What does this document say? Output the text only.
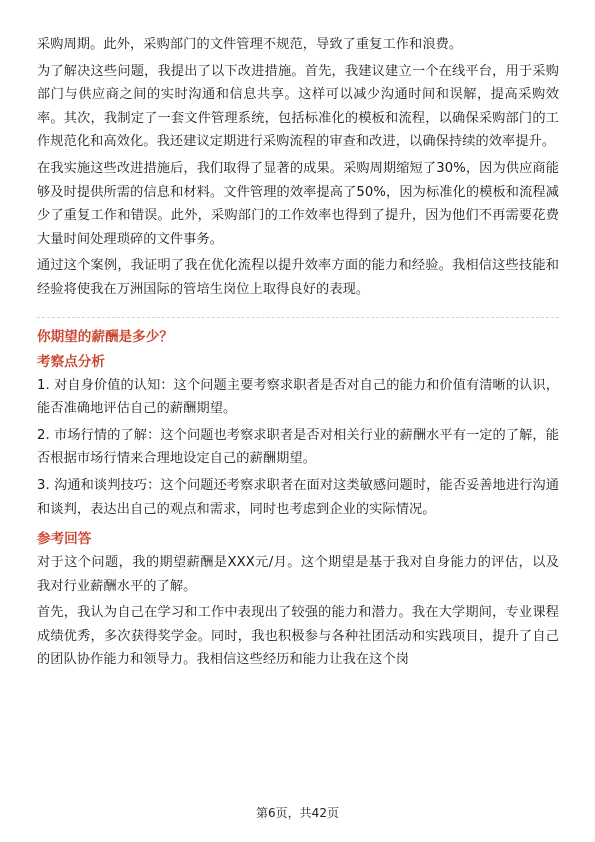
采购周期。此外，采购部门的文件管理不规范，导致了重复工作和浪费。

为了解决这些问题，我提出了以下改进措施。首先，我建议建立一个在线平台，用于采购部门与供应商之间的实时沟通和信息共享。这样可以减少沟通时间和误解，提高采购效率。其次，我制定了一套文件管理系统，包括标准化的模板和流程，以确保采购部门的工作规范化和高效化。我还建议定期进行采购流程的审查和改进，以确保持续的效率提升。

在我实施这些改进措施后，我们取得了显著的成果。采购周期缩短了30%，因为供应商能够及时提供所需的信息和材料。文件管理的效率提高了50%，因为标准化的模板和流程减少了重复工作和错误。此外，采购部门的工作效率也得到了提升，因为他们不再需要花费大量时间处理琐碎的文件事务。

通过这个案例，我证明了我在优化流程以提升效率方面的能力和经验。我相信这些技能和经验将使我在万洲国际的管培生岗位上取得良好的表现。

你期望的薪酬是多少？

考察点分析

1. 对自身价值的认知：这个问题主要考察求职者是否对自己的能力和价值有清晰的认识，能否准确地评估自己的薪酬期望。

2. 市场行情的了解：这个问题也考察求职者是否对相关行业的薪酬水平有一定的了解，能否根据市场行情来合理地设定自己的薪酬期望。

3. 沟通和谈判技巧：这个问题还考察求职者在面对这类敏感问题时，能否妥善地进行沟通和谈判，表达出自己的观点和需求，同时也考虑到企业的实际情况。

参考回答

对于这个问题，我的期望薪酬是XXX元/月。这个期望是基于我对自身能力的评估，以及我对行业薪酬水平的了解。

首先，我认为自己在学习和工作中表现出了较强的能力和潜力。我在大学期间，专业课程成绩优秀，多次获得奖学金。同时，我也积极参与各种社团活动和实践项目，提升了自己的团队协作能力和领导力。我相信这些经历和能力让我在这个岗

第6页，共42页
